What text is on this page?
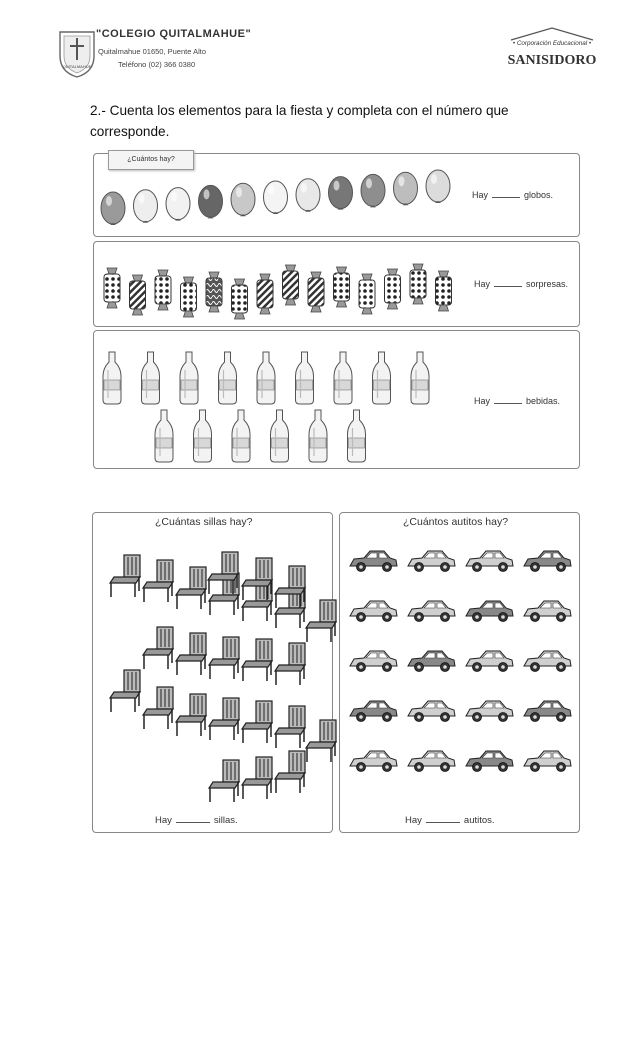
QUITALMAHUE
"COLEGIO QUITALMAHUE"
Quitalmahue 01650, Puente Alto
Teléfono (02) 366 0380
• Corporación Educacional •
SANISIDORO
2.- Cuenta los elementos para la fiesta y completa con el número que corresponde.
¿Cuántos hay?
Hay	globos.
Hay	sorpresas.
Hay	bebidas.
¿Cuántas sillas hay?
Hay	sillas.
¿Cuántos autitos hay?
Hay	autitos.
